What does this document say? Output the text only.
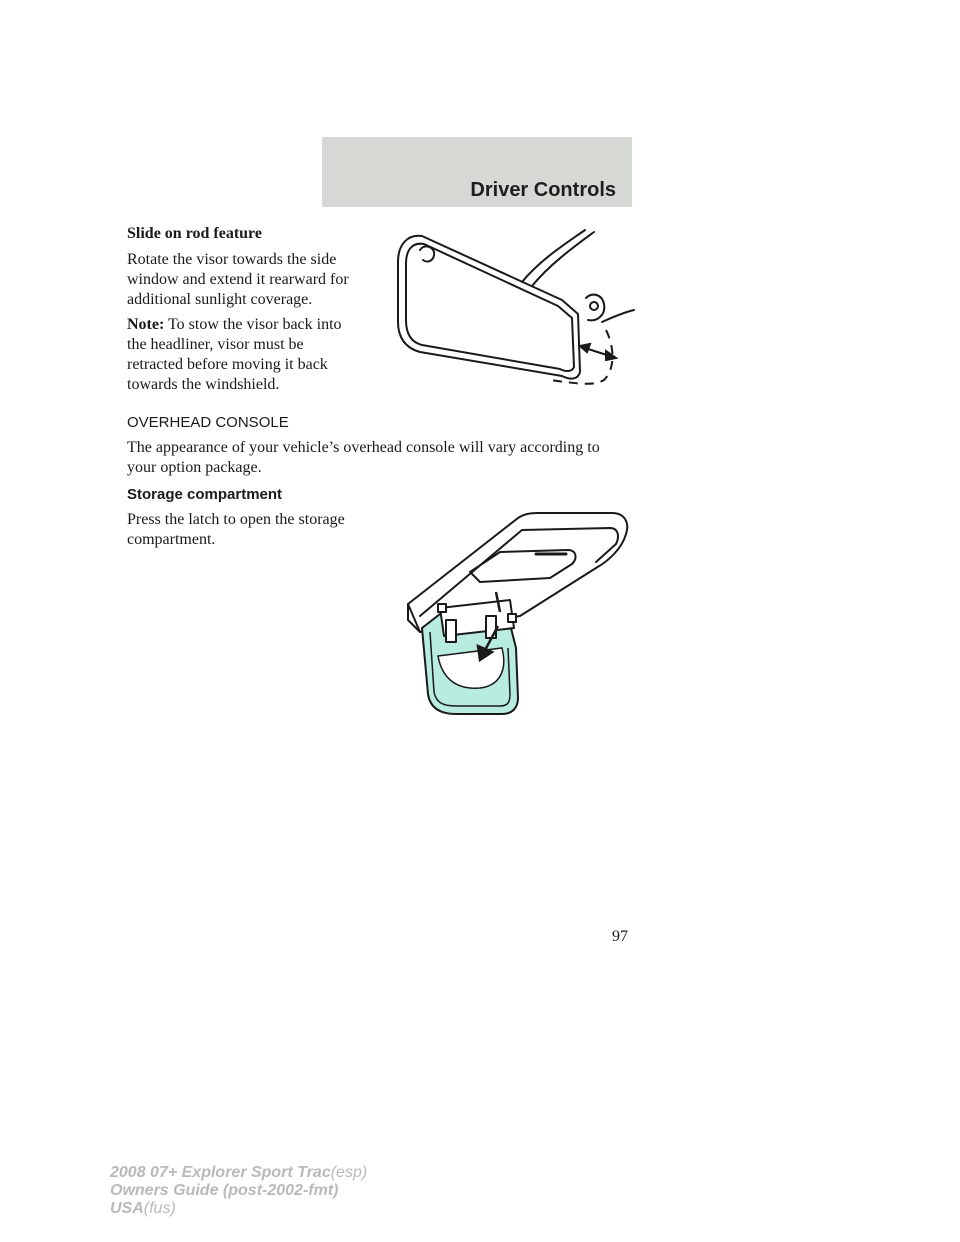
Driver Controls
Slide on rod feature
Rotate the visor towards the side
window and extend it rearward for
additional sunlight coverage.
Note: To stow the visor back into
the headliner, visor must be
retracted before moving it back
towards the windshield.
OVERHEAD CONSOLE
The appearance of your vehicle’s overhead console will vary according to
your option package.
Storage compartment
Press the latch to open the storage
compartment.
97
2008 07+ Explorer Sport Trac(esp)
Owners Guide (post-2002-fmt)
USA(fus)
